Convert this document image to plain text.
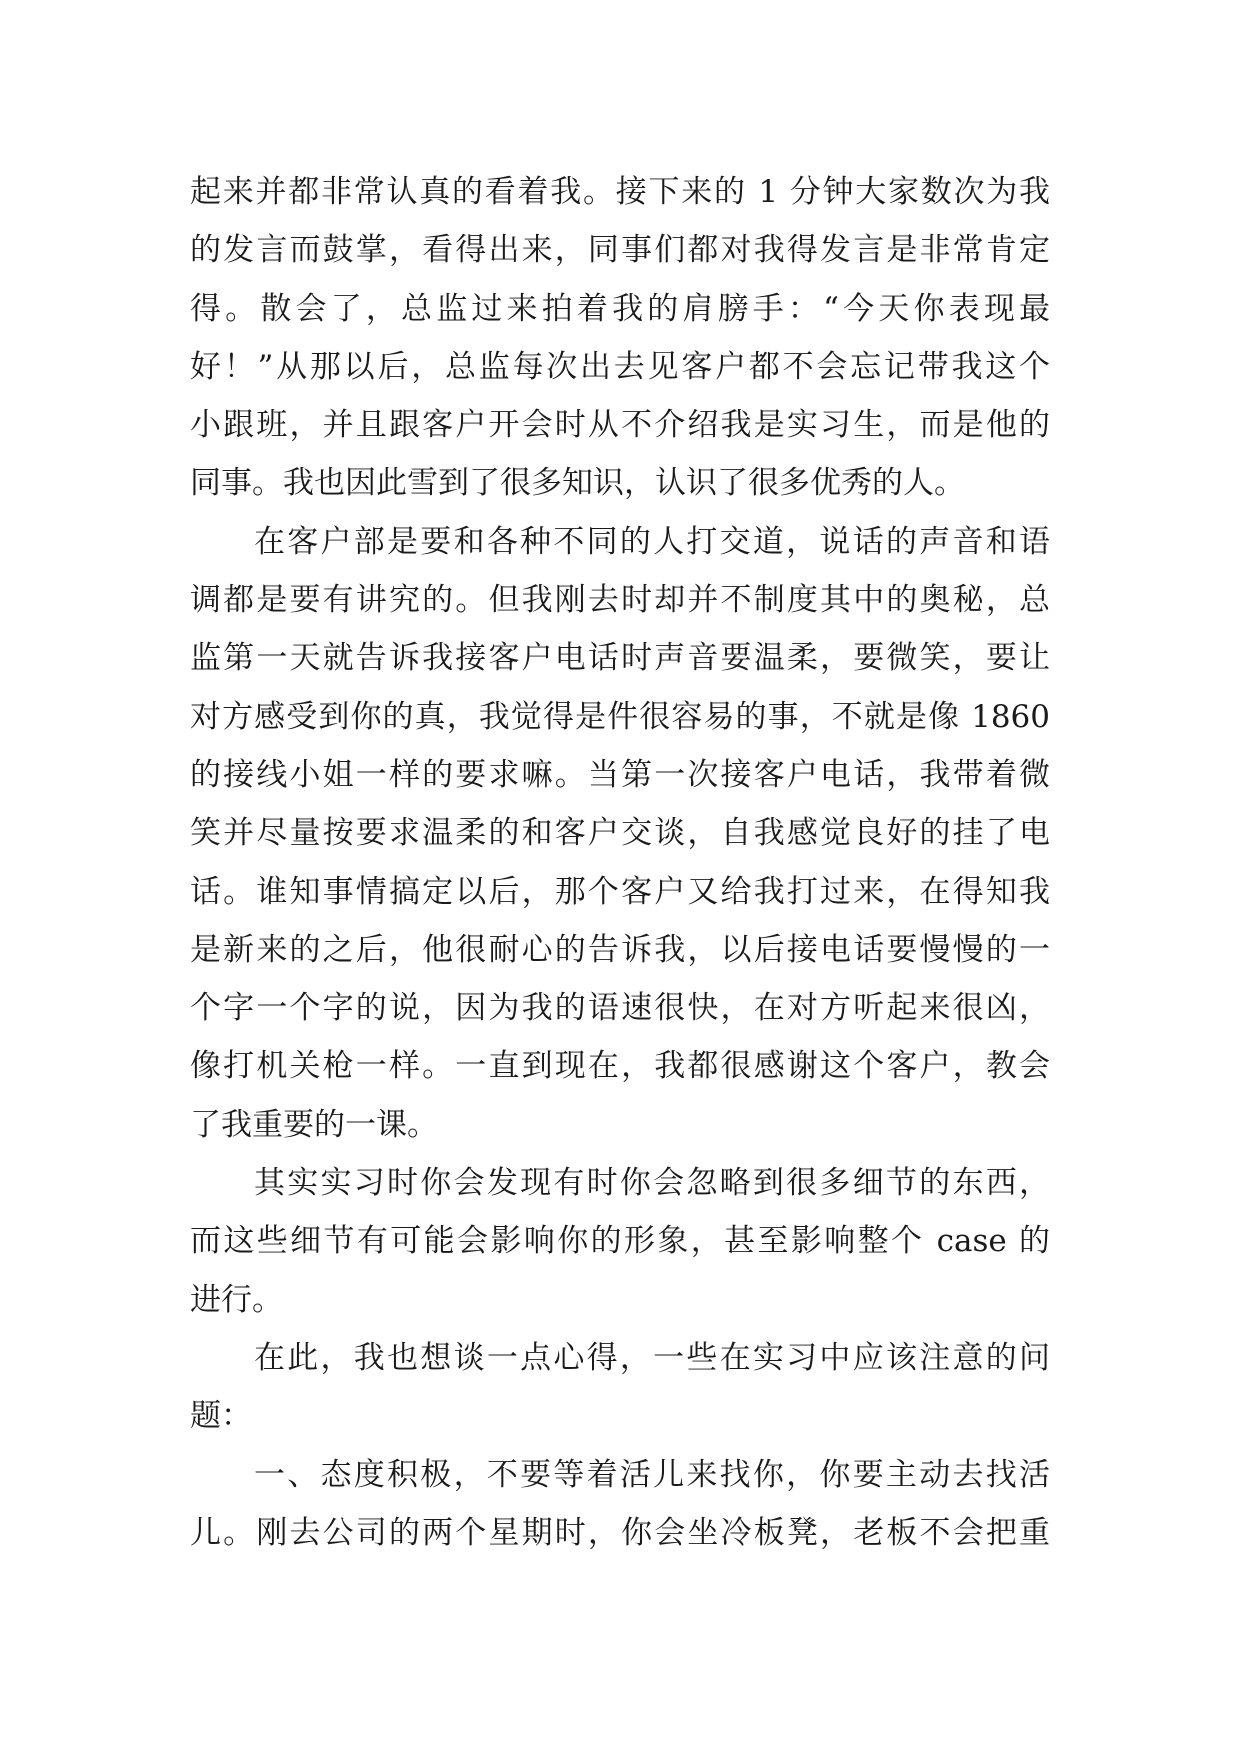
起来并都非常认真的看着我。接下来的 1 分钟大家数次为我
的发言而鼓掌，看得出来，同事们都对我得发言是非常肯定
得。散会了，总监过来拍着我的肩膀手：“今天你表现最
好！”从那以后，总监每次出去见客户都不会忘记带我这个
小跟班，并且跟客户开会时从不介绍我是实习生，而是他的
同事。我也因此雪到了很多知识，认识了很多优秀的人。
在客户部是要和各种不同的人打交道，说话的声音和语
调都是要有讲究的。但我刚去时却并不制度其中的奥秘，总
监第一天就告诉我接客户电话时声音要温柔，要微笑，要让
对方感受到你的真，我觉得是件很容易的事，不就是像 1860
的接线小姐一样的要求嘛。当第一次接客户电话，我带着微
笑并尽量按要求温柔的和客户交谈，自我感觉良好的挂了电
话。谁知事情搞定以后，那个客户又给我打过来，在得知我
是新来的之后，他很耐心的告诉我，以后接电话要慢慢的一
个字一个字的说，因为我的语速很快，在对方听起来很凶，
像打机关枪一样。一直到现在，我都很感谢这个客户，教会
了我重要的一课。
其实实习时你会发现有时你会忽略到很多细节的东西，
而这些细节有可能会影响你的形象，甚至影响整个 case 的
进行。
在此，我也想谈一点心得，一些在实习中应该注意的问
题：
一、态度积极，不要等着活儿来找你，你要主动去找活
儿。刚去公司的两个星期时，你会坐冷板凳，老板不会把重
